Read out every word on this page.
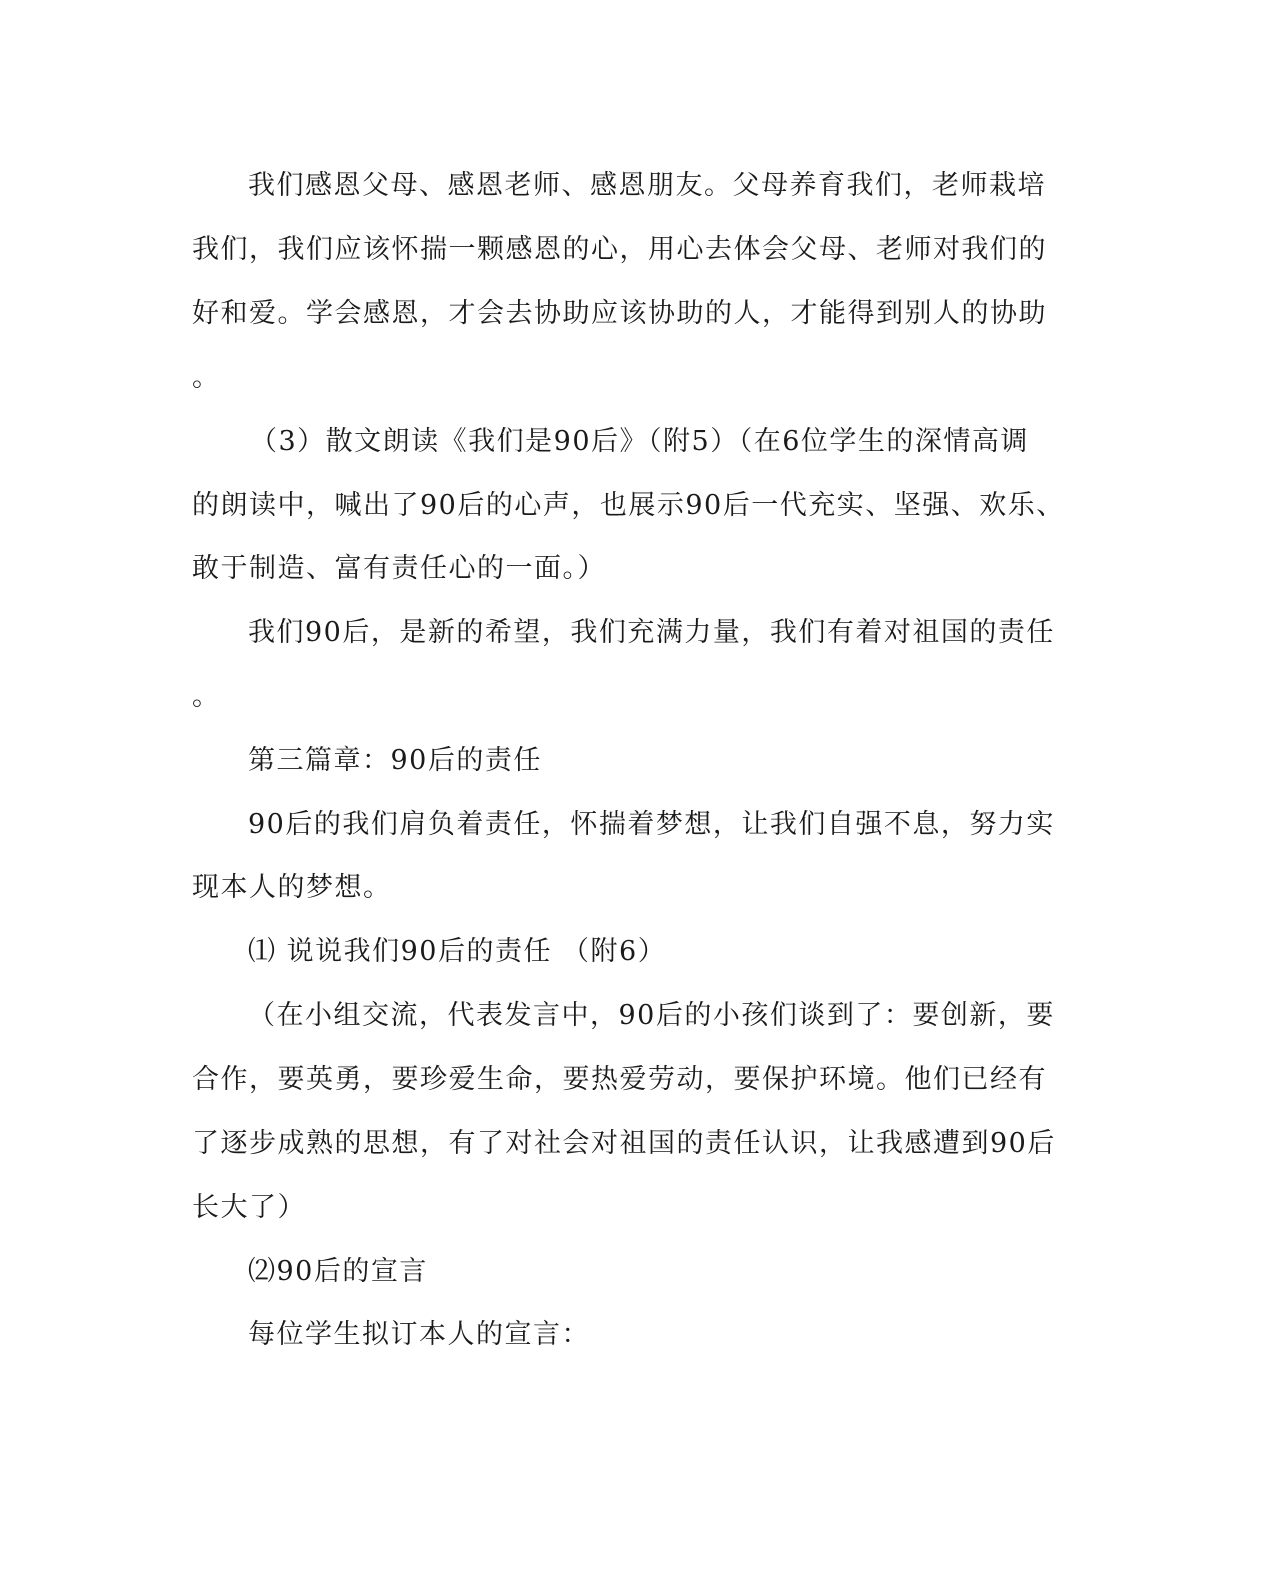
我们感恩父母、感恩老师、感恩朋友。父母养育我们，老师栽培
我们，我们应该怀揣一颗感恩的心，用心去体会父母、老师对我们的
好和爱。学会感恩，才会去协助应该协助的人，才能得到别人的协助
。
（3）散文朗读《我们是90后》（附5）（在6位学生的深情高调
的朗读中，喊出了90后的心声，也展示90后一代充实、坚强、欢乐、
敢于制造、富有责任心的一面。）
我们90后，是新的希望，我们充满力量，我们有着对祖国的责任
。
第三篇章：90后的责任
90后的我们肩负着责任，怀揣着梦想，让我们自强不息，努力实
现本人的梦想。
⑴ 说说我们90后的责任 （附6）
（在小组交流，代表发言中，90后的小孩们谈到了：要创新，要
合作，要英勇，要珍爱生命，要热爱劳动，要保护环境。他们已经有
了逐步成熟的思想，有了对社会对祖国的责任认识，让我感遭到90后
长大了）
⑵90后的宣言
每位学生拟订本人的宣言：
